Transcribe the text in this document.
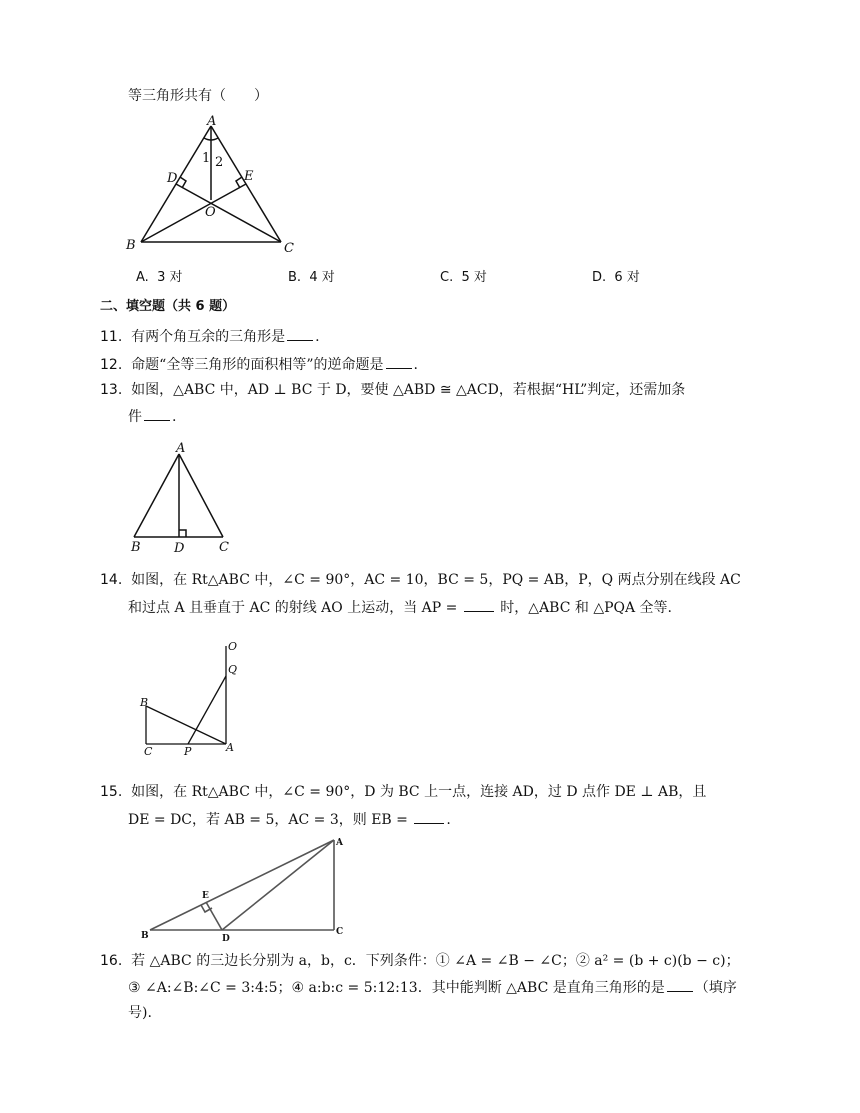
等三角形共有（　　）
A
1 2
D	E
O
B	C
A. 3 对	B. 4 对	C. 5 对	D. 6 对
二、填空题（共 6 题）
11. 有两个角互余的三角形是 .
12. 命题“全等三角形的面积相等”的逆命题是 .
13. 如图，△ABC 中，AD ⊥ BC 于 D，要使 △ABD ≅ △ACD，若根据“HL”判定，还需加条
件 .
A
B	D	C
14. 如图，在 Rt△ABC 中，∠C = 90°，AC = 10，BC = 5，PQ = AB，P，Q 两点分别在线段 AC
和过点 A 且垂直于 AC 的射线 AO 上运动，当 AP =	时，△ABC 和 △PQA 全等.
O
Q
B
C	P	A
15. 如图，在 Rt△ABC 中，∠C = 90°，D 为 BC 上一点，连接 AD，过 D 点作 DE ⊥ AB，且
DE = DC，若 AB = 5，AC = 3，则 EB =	.
A
E
B	D
C
16. 若 △ABC 的三边长分别为 a，b，c．下列条件：① ∠A = ∠B − ∠C；② a² = (b + c)(b − c)；
③ ∠A:∠B:∠C = 3:4:5；④ a:b:c = 5:12:13．其中能判断 △ABC 是直角三角形的是 （填序
号).
